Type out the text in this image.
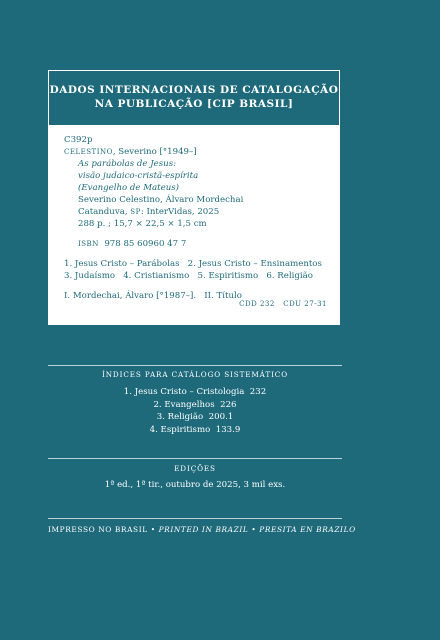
DADOS INTERNACIONAIS DE CATALOGAÇÃO
NA PUBLICAÇÃO [CIP BRASIL]
C392p
CELESTINO, Severino [°1949–]
As parábolas de Jesus:
visão judaico-cristã-espírita
(Evangelho de Mateus)
Severino Celestino, Álvaro Mordechai
Catanduva, SP: InterVidas, 2025
288 p. ; 15,7 × 22,5 × 1,5 cm
ISBN 978 85 60960 47 7
1. Jesus Cristo – Parábolas   2. Jesus Cristo – Ensinamentos
3. Judaísmo   4. Cristianismo   5. Espiritismo   6. Religião
I. Mordechai, Álvaro [°1987–].   II. Título
CDD 232 CDU 27-31
ÍNDICES PARA CATÁLOGO SISTEMÁTICO
1. Jesus Cristo – Cristologia  232
2. Evangelhos  226
3. Religião  200.1
4. Espiritismo  133.9
EDIÇÕES
1ª ed., 1ª tir., outubro de 2025, 3 mil exs.
IMPRESSO NO BRASIL • PRINTED IN BRAZIL • PRESITA EN BRAZILO
